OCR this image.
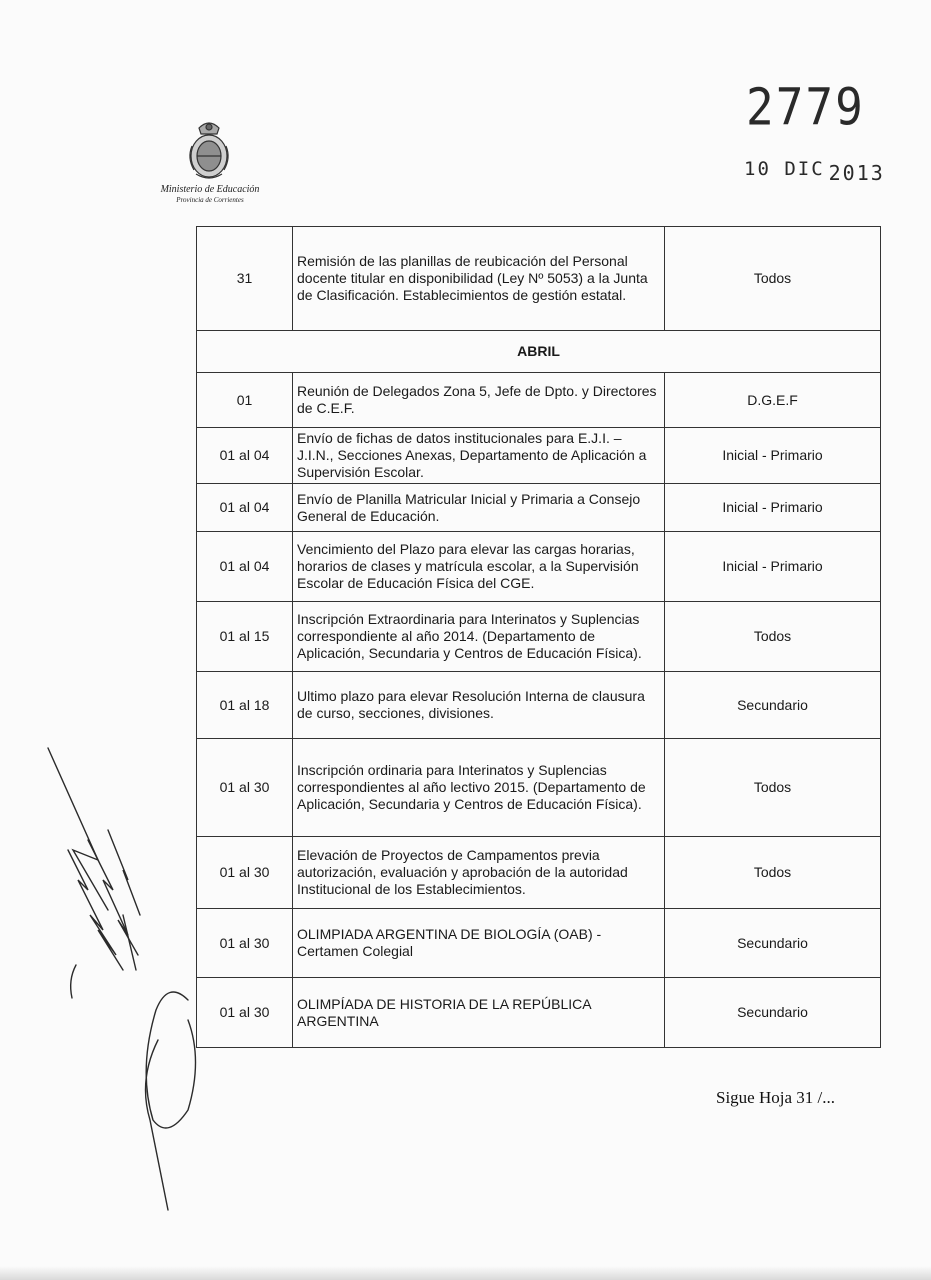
Ministerio de Educación
Provincia de Corrientes
2779
10 DIC 2013
31	Remisión de las planillas de reubicación del Personal docente titular en disponibilidad (Ley Nº 5053) a la Junta de Clasificación. Establecimientos de gestión estatal.	Todos
ABRIL		
01	Reunión de Delegados Zona 5, Jefe de Dpto. y Directores de C.E.F.	D.G.E.F
01 al 04	Envío de fichas de datos institucionales para E.J.I. – J.I.N., Secciones Anexas, Departamento de Aplicación a Supervisión Escolar.	Inicial - Primario
01 al 04	Envío de Planilla Matricular Inicial y Primaria a Consejo General de Educación.	Inicial - Primario
01 al 04	Vencimiento del Plazo para elevar las cargas horarias, horarios de clases y matrícula escolar, a la Supervisión Escolar de Educación Física del CGE.	Inicial - Primario
01 al 15	Inscripción Extraordinaria para Interinatos y Suplencias correspondiente al año 2014. (Departamento de Aplicación, Secundaria y Centros de Educación Física).	Todos
01 al 18	Ultimo plazo para elevar Resolución Interna de clausura de curso, secciones, divisiones.	Secundario
01 al 30	Inscripción ordinaria para Interinatos y Suplencias correspondientes al año lectivo 2015. (Departamento de Aplicación, Secundaria y Centros de Educación Física).	Todos
01 al 30	Elevación de Proyectos de Campamentos previa autorización, evaluación y aprobación de la autoridad Institucional de los Establecimientos.	Todos
01 al 30	OLIMPIADA ARGENTINA DE BIOLOGÍA (OAB) - Certamen Colegial	Secundario
01 al 30	OLIMPÍADA DE HISTORIA DE LA REPÚBLICA ARGENTINA	Secundario
Sigue Hoja 31 /...
